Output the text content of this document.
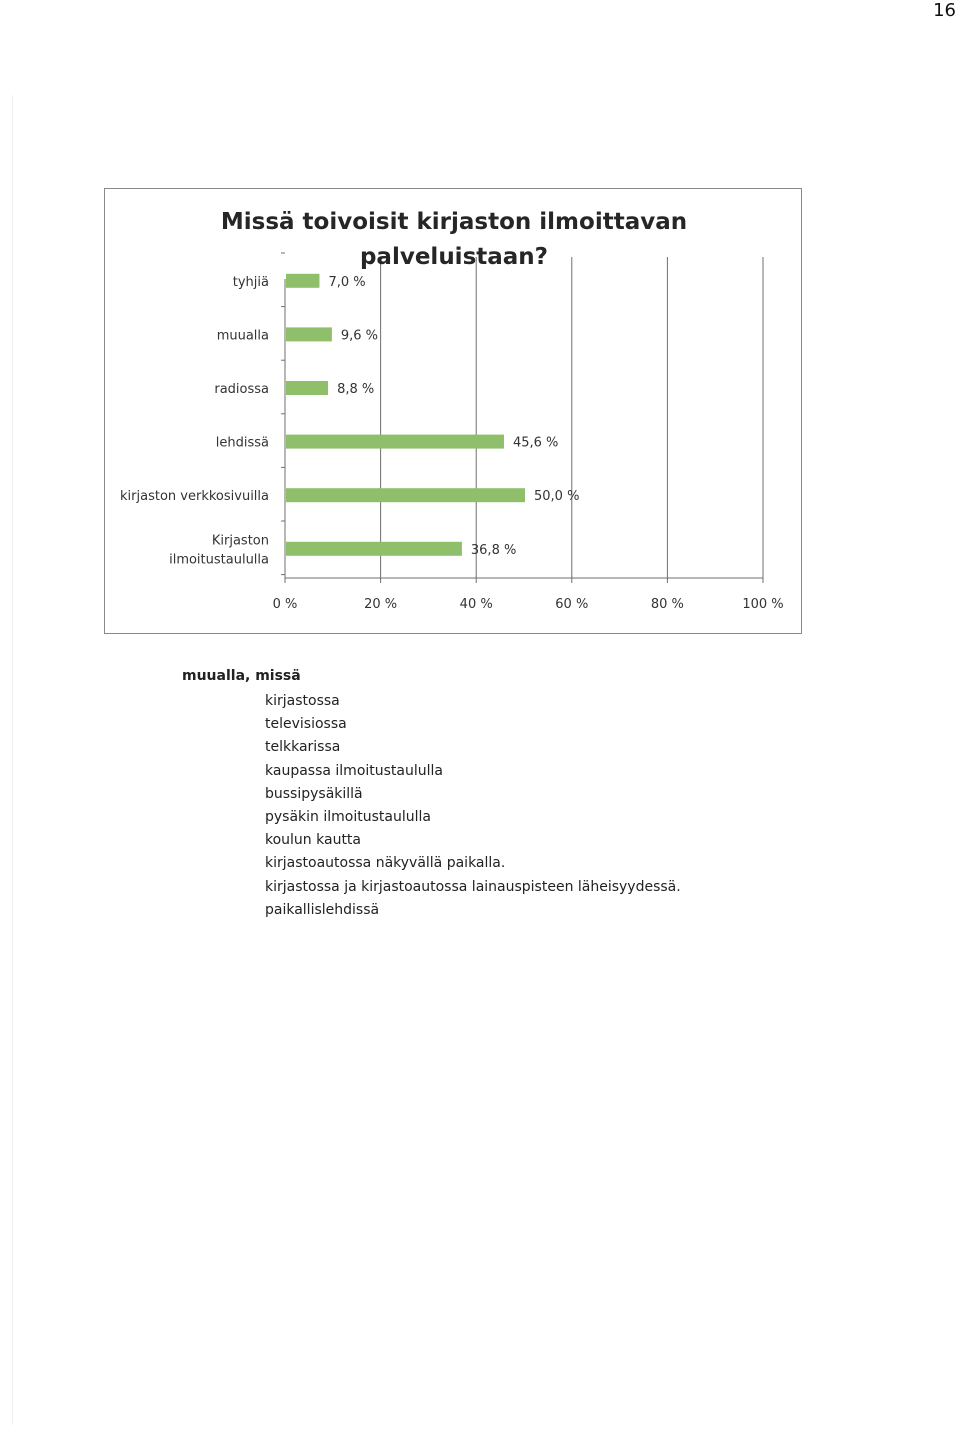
16
0 %	20 %	40 %	60 %	80 %	100 %
7,0 %
tyhjiä
9,6 %
muualla
8,8 %
radiossa
45,6 %
lehdissä
50,0 %
kirjaston verkkosivuilla
36,8 %
Kirjaston
ilmoitustaululla
Missä toivoisit kirjaston ilmoittavan
palveluistaan?
muualla, missä
kirjastossa
televisiossa
telkkarissa
kaupassa ilmoitustaululla
bussipysäkillä
pysäkin ilmoitustaululla
koulun kautta
kirjastoautossa näkyvällä paikalla.
kirjastossa ja kirjastoautossa lainauspisteen läheisyydessä.
paikallislehdissä
